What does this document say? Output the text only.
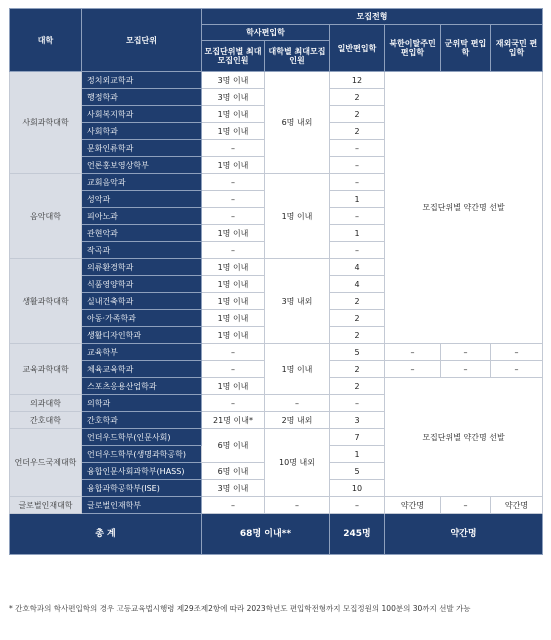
대학	모집단위	모집전형					
		학사편입학		일반편입학	북한이탈주민 편입학	군위탁 편입학	재외국민 편입학
		모집단위별 최대모집인원	대학별 최대모집인원				
사회과학대학	정치외교학과	3명 이내	6명 내외	12	모집단위별 약간명 선발		
	행정학과	3명 이내		2			
	사회복지학과	1명 이내		2			
	사회학과	1명 이내		2			
	문화인류학과	–		–			
	언론홍보영상학부	1명 이내		–			
음악대학	교회음악과	–	1명 이내	–			
	성악과	–		1			
	피아노과	–		–			
	관현악과	1명 이내		1			
	작곡과	–		–			
생활과학대학	의류환경학과	1명 이내	3명 내외	4			
	식품영양학과	1명 이내		4			
	실내건축학과	1명 이내		2			
	아동·가족학과	1명 이내		2			
	생활디자인학과	1명 이내		2			
교육과학대학	교육학부	–	1명 이내	5	–	–	–
	체육교육학과	–		2	–	–	–
	스포츠응용산업학과	1명 이내		2	모집단위별 약간명 선발		
의과대학	의학과	–	–	–			
간호대학	간호학과	21명 이내*	2명 내외	3			
언더우드국제대학	언더우드학부(인문사회)	6명 이내	10명 내외	7			
	언더우드학부(생명과학공학)			1			
	융합인문사회과학부(HASS)	6명 이내		5			
	융합과학공학부(ISE)	3명 이내		10			
글로벌인재대학	글로벌인재학부	–	–	–	약간명	–	약간명
총 계		68명 이내**		245명	약간명		
* 간호학과의 학사편입학의 경우 고등교육법시행령 제29조제2항에 따라 2023학년도 편입학전형까지 모집정원의 100분의 30까지 선발 가능
